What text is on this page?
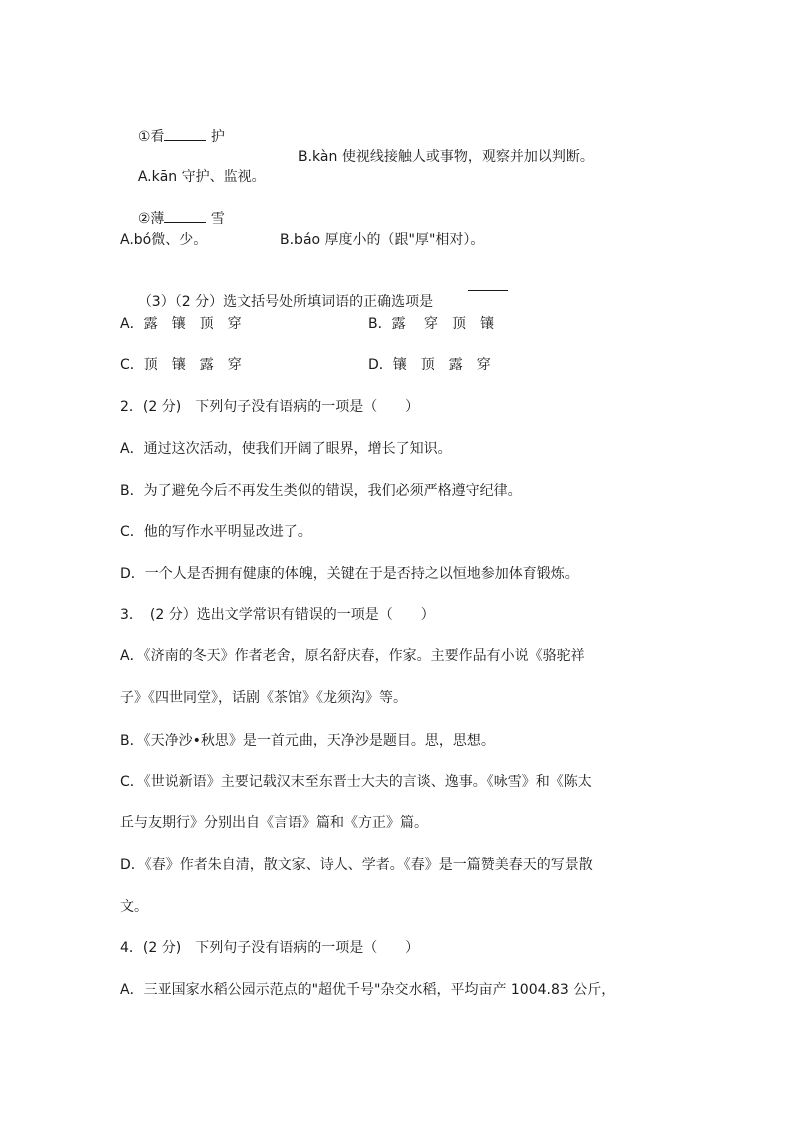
①看	护

A.kān 守护、监视。

B.kàn 使视线接触人或事物，观察并加以判断。

②薄	雪

A.bó微、少。	B.báo 厚度小的（跟"厚"相对）。

（3）（2 分）选文括号处所填词语的正确选项是

A．露　镶　顶　穿	B．露　 穿　顶　镶
C．顶　镶　露　穿	D．镶　顶　露　穿
2．(2 分)　下列句子没有语病的一项是（　　）
A．通过这次活动，使我们开阔了眼界，增长了知识。
B．为了避免今后不再发生类似的错误，我们必须严格遵守纪律。
C．他的写作水平明显改进了。
D．一个人是否拥有健康的体魄，关键在于是否持之以恒地参加体育锻炼。
3．　(2 分）选出文学常识有错误的一项是（　　）
A．《济南的冬天》作者老舍，原名舒庆春，作家。主要作品有小说《骆驼祥
子》《四世同堂》，话剧《茶馆》《龙须沟》等。
B．《天净沙•秋思》是一首元曲，天净沙是题目。思，思想。
C．《世说新语》主要记载汉末至东晋士大夫的言谈、逸事。《咏雪》和《陈太
丘与友期行》分别出自《言语》篇和《方正》篇。
D．《春》作者朱自清，散文家、诗人、学者。《春》是一篇赞美春天的写景散
文。
4．(2 分)　下列句子没有语病的一项是（　　）
A．三亚国家水稻公园示范点的"超优千号"杂交水稻，平均亩产 1004.83 公斤，
